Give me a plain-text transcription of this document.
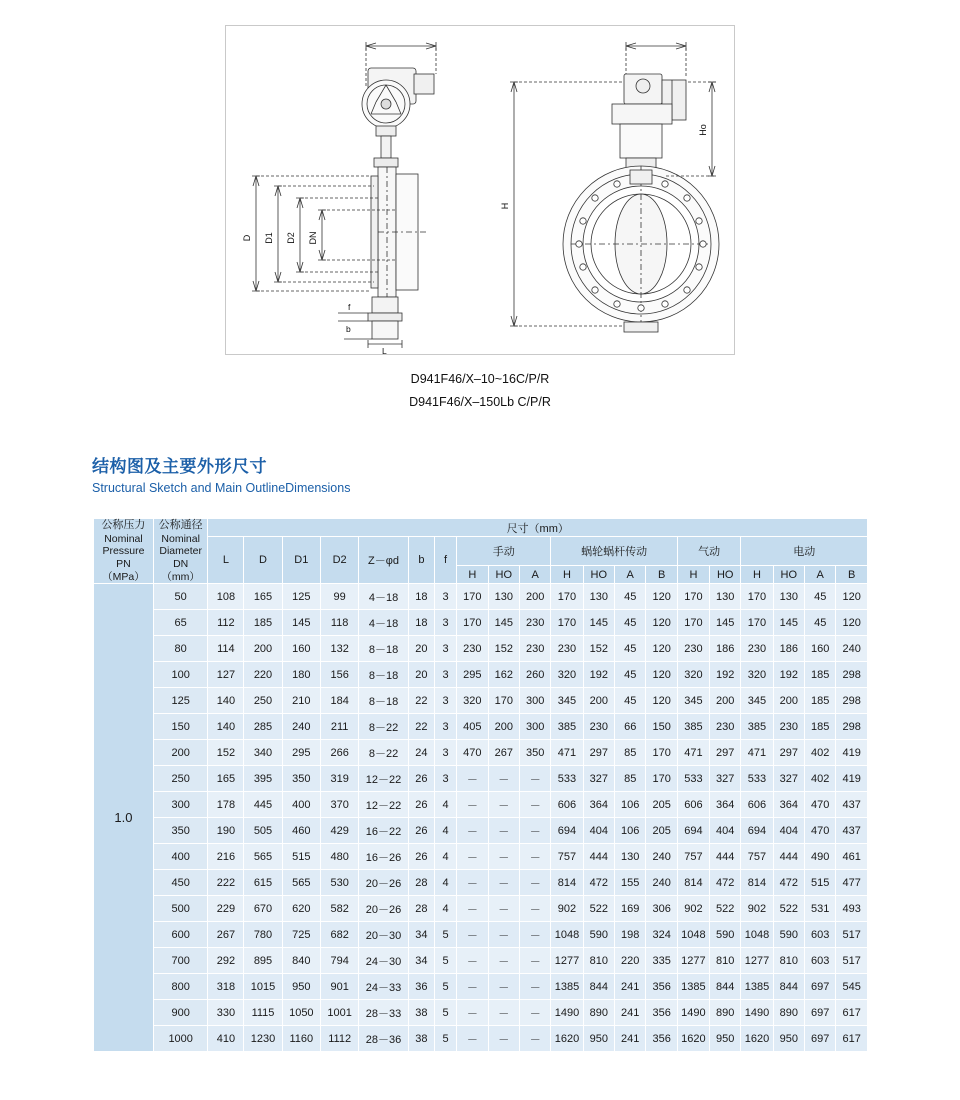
D D1 D2 DN
f
b
L
H
Ho
D941F46/X–10~16C/P/R
D941F46/X–150Lb C/P/R
结构图及主要外形尺寸
Structural Sketch and Main OutlineDimensions
公称压力
Nominal
Pressure
PN
（MPa）	公称通径
Nominal
Diameter
DN
（mm）	尺寸（mm）																			
		L	D	D1	D2	Z－φd	b	f	手动			蜗轮蜗杆传动				气动		电动			
									H	HO	A	H	HO	A	B	H	HO	H	HO	A	B
1.0	50	108	165	125	99	4－18	18	3	170	130	200	170	130	45	120	170	130	170	130	45	120
	65	112	185	145	118	4－18	18	3	170	145	230	170	145	45	120	170	145	170	145	45	120
	80	114	200	160	132	8－18	20	3	230	152	230	230	152	45	120	230	186	230	186	160	240
	100	127	220	180	156	8－18	20	3	295	162	260	320	192	45	120	320	192	320	192	185	298
	125	140	250	210	184	8－18	22	3	320	170	300	345	200	45	120	345	200	345	200	185	298
	150	140	285	240	211	8－22	22	3	405	200	300	385	230	66	150	385	230	385	230	185	298
	200	152	340	295	266	8－22	24	3	470	267	350	471	297	85	170	471	297	471	297	402	419
	250	165	395	350	319	12－22	26	3	－	－	－	533	327	85	170	533	327	533	327	402	419
	300	178	445	400	370	12－22	26	4	－	－	－	606	364	106	205	606	364	606	364	470	437
	350	190	505	460	429	16－22	26	4	－	－	－	694	404	106	205	694	404	694	404	470	437
	400	216	565	515	480	16－26	26	4	－	－	－	757	444	130	240	757	444	757	444	490	461
	450	222	615	565	530	20－26	28	4	－	－	－	814	472	155	240	814	472	814	472	515	477
	500	229	670	620	582	20－26	28	4	－	－	－	902	522	169	306	902	522	902	522	531	493
	600	267	780	725	682	20－30	34	5	－	－	－	1048	590	198	324	1048	590	1048	590	603	517
	700	292	895	840	794	24－30	34	5	－	－	－	1277	810	220	335	1277	810	1277	810	603	517
	800	318	1015	950	901	24－33	36	5	－	－	－	1385	844	241	356	1385	844	1385	844	697	545
	900	330	1115	1050	1001	28－33	38	5	－	－	－	1490	890	241	356	1490	890	1490	890	697	617
	1000	410	1230	1160	1112	28－36	38	5	－	－	－	1620	950	241	356	1620	950	1620	950	697	617
